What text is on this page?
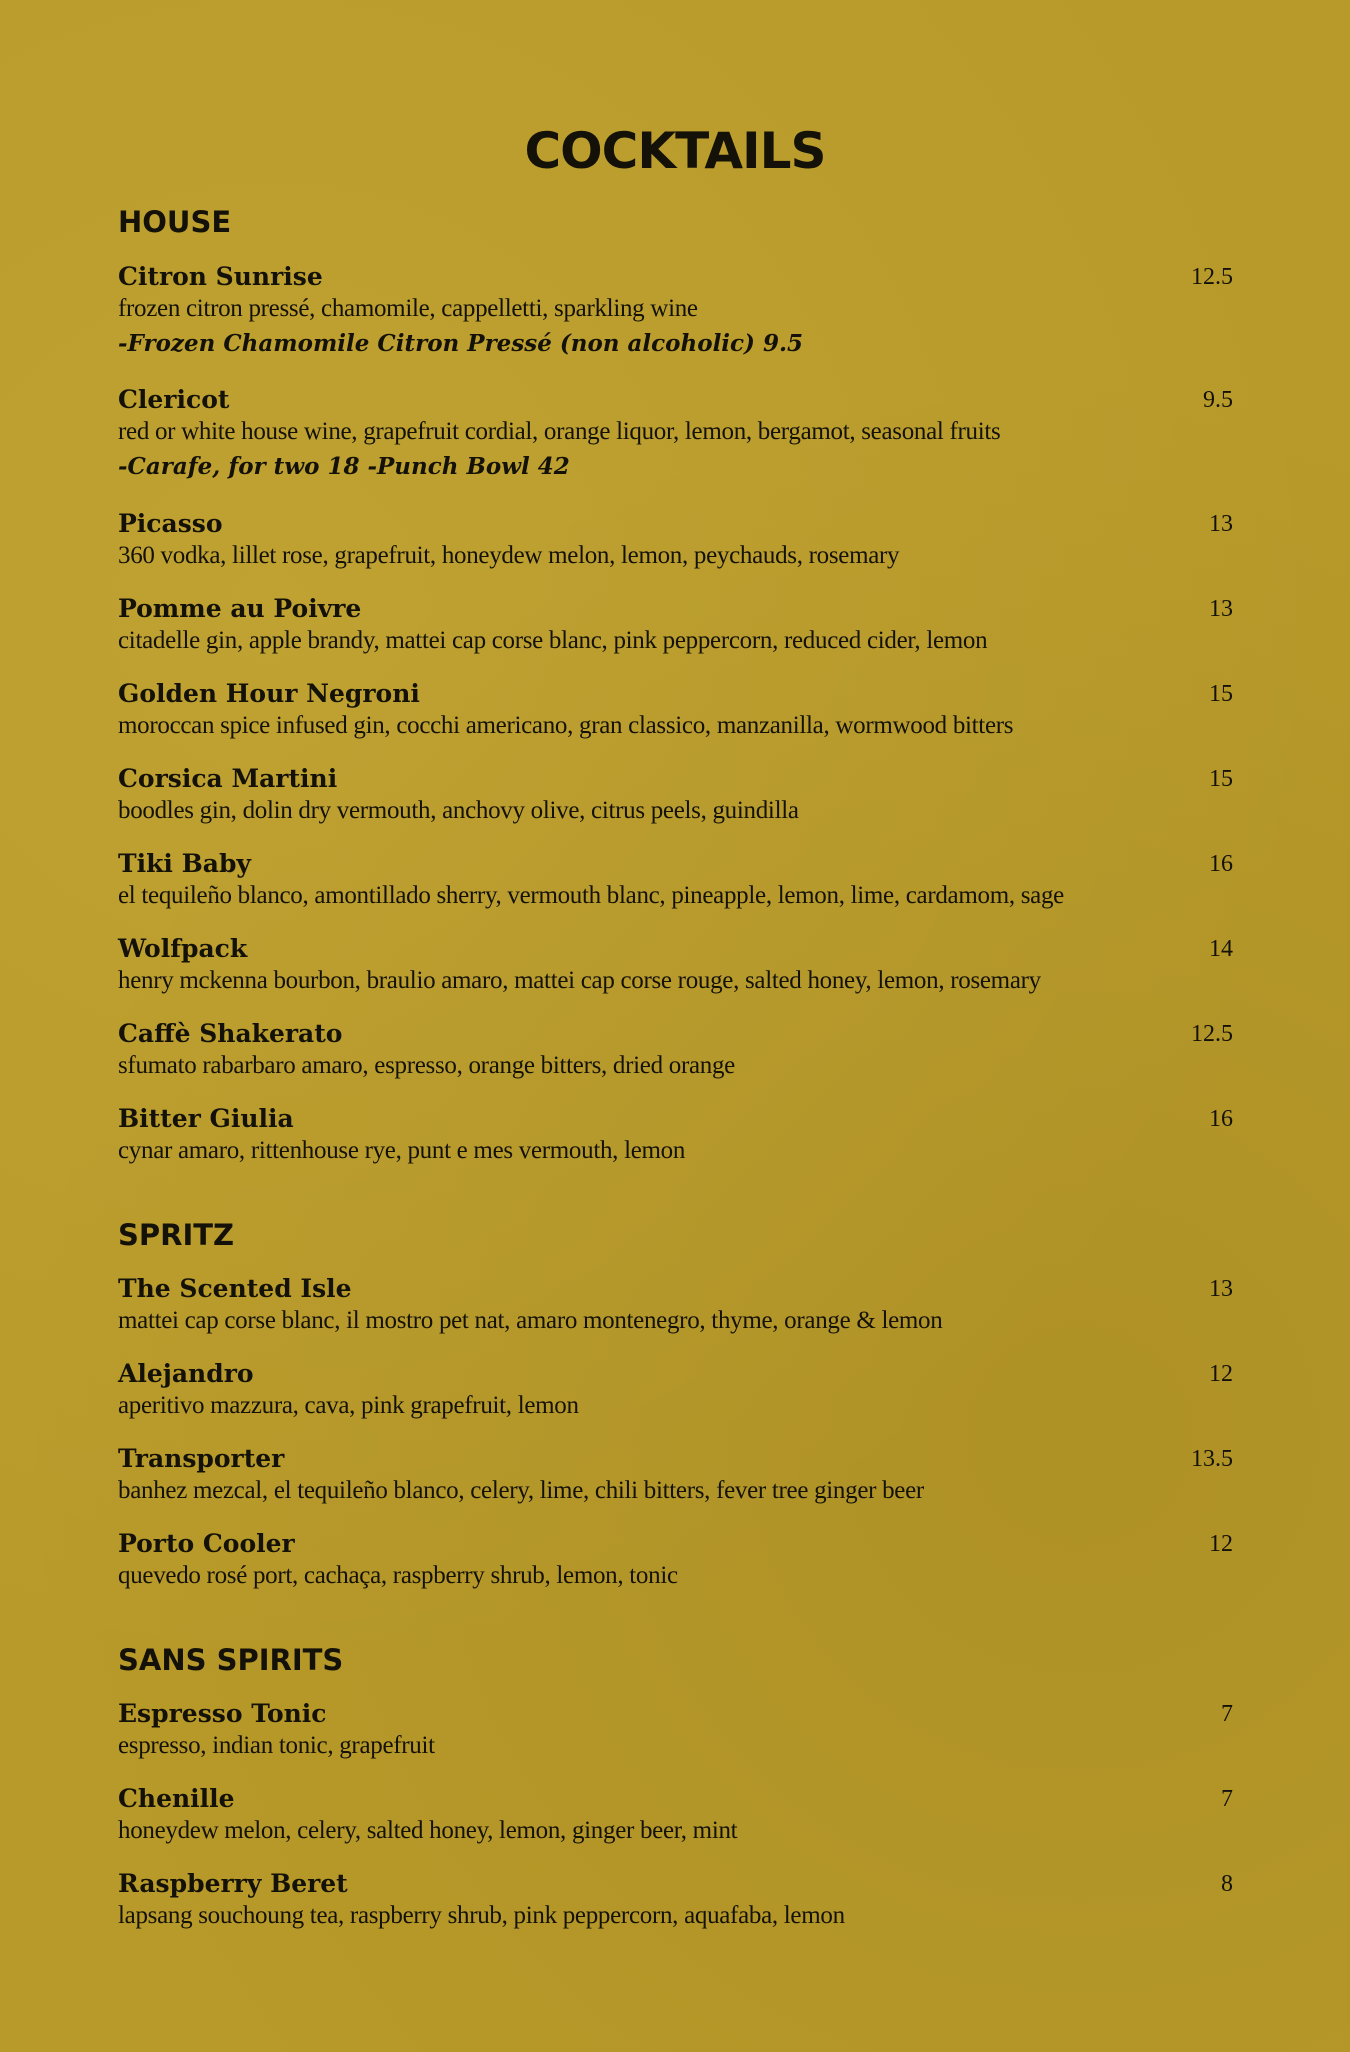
COCKTAILS
HOUSE
Citron Sunrise
frozen citron pressé, chamomile, cappelletti, sparkling wine
-Frozen Chamomile Citron Pressé (non alcoholic) 9.5
12.5
Clericot
red or white house wine, grapefruit cordial, orange liquor, lemon, bergamot, seasonal fruits
-Carafe, for two 18 -Punch Bowl 42
9.5
Picasso
360 vodka, lillet rose, grapefruit, honeydew melon, lemon, peychauds, rosemary
13
Pomme au Poivre
citadelle gin, apple brandy, mattei cap corse blanc, pink peppercorn, reduced cider, lemon
13
Golden Hour Negroni
moroccan spice infused gin, cocchi americano, gran classico, manzanilla, wormwood bitters
15
Corsica Martini
boodles gin, dolin dry vermouth, anchovy olive, citrus peels, guindilla
15
Tiki Baby
el tequileño blanco, amontillado sherry, vermouth blanc, pineapple, lemon, lime, cardamom, sage
16
Wolfpack
henry mckenna bourbon, braulio amaro, mattei cap corse rouge, salted honey, lemon, rosemary
14
Caffè Shakerato
sfumato rabarbaro amaro, espresso, orange bitters, dried orange
12.5
Bitter Giulia
cynar amaro, rittenhouse rye, punt e mes vermouth, lemon
16
SPRITZ
The Scented Isle
mattei cap corse blanc, il mostro pet nat, amaro montenegro, thyme, orange & lemon
13
Alejandro
aperitivo mazzura, cava, pink grapefruit, lemon
12
Transporter
banhez mezcal, el tequileño blanco, celery, lime, chili bitters, fever tree ginger beer
13.5
Porto Cooler
quevedo rosé port, cachaça, raspberry shrub, lemon, tonic
12
SANS SPIRITS
Espresso Tonic
espresso, indian tonic, grapefruit
7
Chenille
honeydew melon, celery, salted honey, lemon, ginger beer, mint
7
Raspberry Beret
lapsang souchoung tea, raspberry shrub, pink peppercorn, aquafaba, lemon
8
